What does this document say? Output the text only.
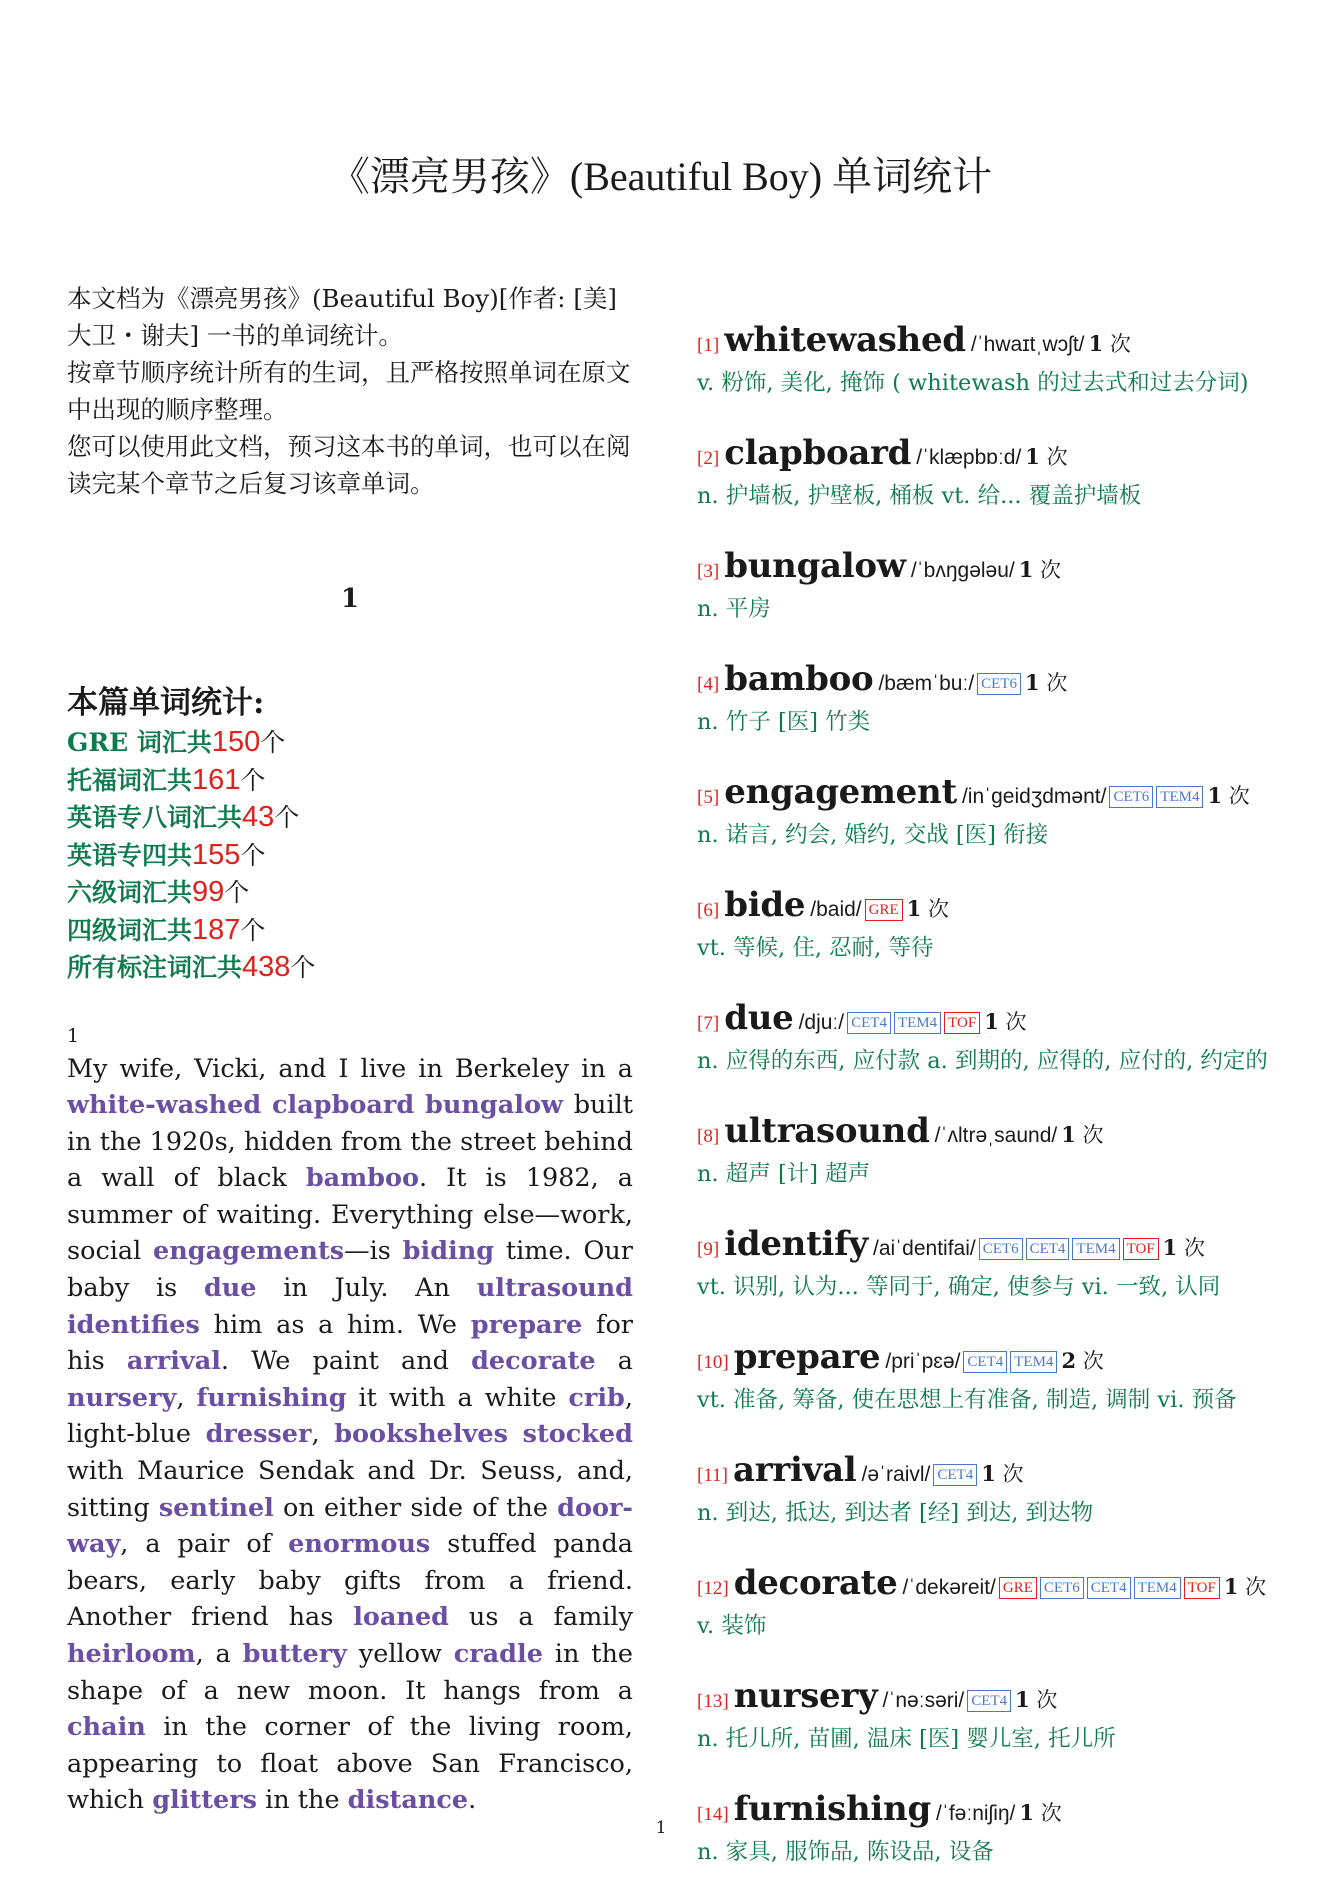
《漂亮男孩》(Beautiful Boy) 单词统计

本文档为《漂亮男孩》(Beautiful Boy)[作者: [美]大卫・谢夫] 一书的单词统计。

按章节顺序统计所有的生词，且严格按照单词在原文中出现的顺序整理。

您可以使用此文档，预习这本书的单词，也可以在阅读完某个章节之后复习该章单词。

1
本篇单词统计:
GRE 词汇共150个
托福词汇共161个
英语专八词汇共43个
英语专四共155个
六级词汇共99个
四级词汇共187个
所有标注词汇共438个
1
My wife, Vicki, and I live in Berkeley in a white-washed clapboard bungalow built in the 1920s, hidden from the street behind a wall of black bamboo. It is 1982, a summer of waiting. Everything else—work, social engagements—is biding time. Our baby is due in July. An ultrasound identifies him as a him. We prepare for his arrival. We paint and decorate a nursery, furnishing it with a white crib, light-blue dresser, bookshelves stocked with Maurice Sendak and Dr. Seuss, and, sitting sentinel on either side of the door-way, a pair of enormous stuffed panda bears, early baby gifts from a friend. Another friend has loaned us a family heirloom, a buttery yellow cradle in the shape of a new moon. It hangs from a chain in the corner of the living room, appearing to float above San Francisco, which glitters in the distance.
[1] whitewashed /ˈhwaɪtˌwɔʃt/ 1 次
v. 粉饰, 美化, 掩饰 ( whitewash 的过去式和过去分词)
[2] clapboard /ˈklæpbɒːd/ 1 次
n. 护墙板, 护壁板, 桶板 vt. 给... 覆盖护墙板
[3] bungalow /ˈbʌŋgələu/ 1 次
n. 平房
[4] bamboo /bæmˈbuː/ CET6 1 次
n. 竹子 [医] 竹类
[5] engagement /inˈgeidʒdmənt/ CET6 TEM4 1 次
n. 诺言, 约会, 婚约, 交战 [医] 衔接
[6] bide /baid/ GRE 1 次
vt. 等候, 住, 忍耐, 等待
[7] due /djuː/ CET4 TEM4 TOF 1 次
n. 应得的东西, 应付款 a. 到期的, 应得的, 应付的, 约定的
[8] ultrasound /ˈʌltrəˌsaund/ 1 次
n. 超声 [计] 超声
[9] identify /aiˈdentifai/ CET6 CET4 TEM4 TOF 1 次
vt. 识别, 认为... 等同于, 确定, 使参与 vi. 一致, 认同
[10] prepare /priˈpɛə/ CET4 TEM4 2 次
vt. 准备, 筹备, 使在思想上有准备, 制造, 调制 vi. 预备
[11] arrival /əˈraivl/ CET4 1 次
n. 到达, 抵达, 到达者 [经] 到达, 到达物
[12] decorate /ˈdekəreit/ GRE CET6 CET4 TEM4 TOF 1 次
v. 装饰
[13] nursery /ˈnəːsəri/ CET4 1 次
n. 托儿所, 苗圃, 温床 [医] 婴儿室, 托儿所
[14] furnishing /ˈfəːniʃiŋ/ 1 次
n. 家具, 服饰品, 陈设品, 设备
1
